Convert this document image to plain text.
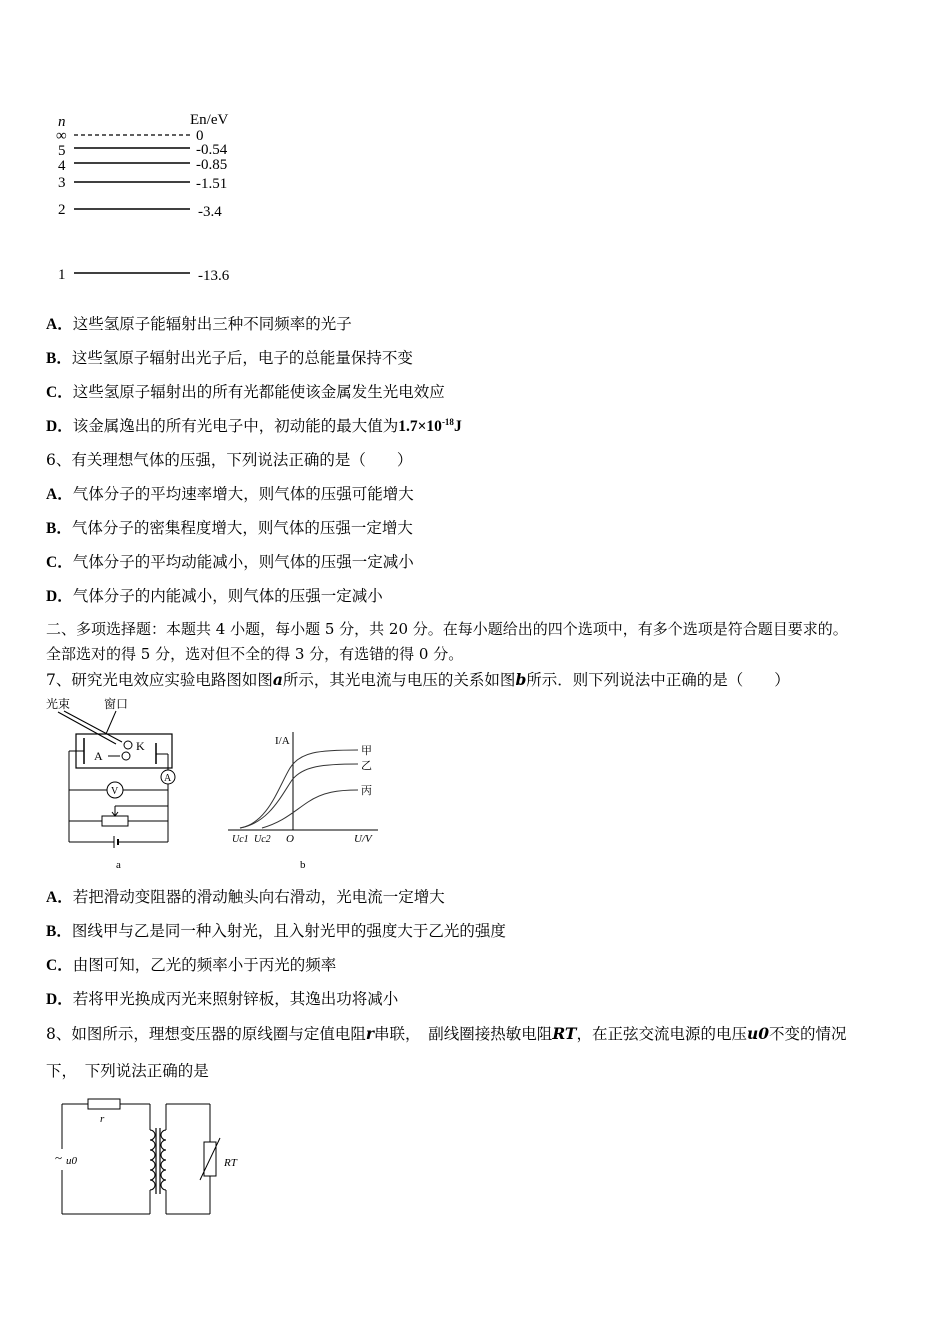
n	En/eV
∞	0
5	-0.54
4	-0.85
3	-1.51
2	-3.4
1	-13.6
A．这些氢原子能辐射出三种不同频率的光子
B．这些氢原子辐射出光子后，电子的总能量保持不变
C．这些氢原子辐射出的所有光都能使该金属发生光电效应
D．该金属逸出的所有光电子中，初动能的最大值为$1.7\times 10^{-18}J$
6、有关理想气体的压强，下列说法正确的是（　　）
A．气体分子的平均速率增大，则气体的压强可能增大
B．气体分子的密集程度增大，则气体的压强一定增大
C．气体分子的平均动能减小，则气体的压强一定减小
D．气体分子的内能减小，则气体的压强一定减小
二、多项选择题：本题共 4 小题，每小题 5 分，共 20 分。在每小题给出的四个选项中，有多个选项是符合题目要求的。
全部选对的得 5 分，选对但不全的得 3 分，有选错的得 0 分。
7、研究光电效应实验电路图如图a所示，其光电流与电压的关系如图b所示．则下列说法中正确的是（　　）
光束	窗口
A
K
A
V
a
I/A
U/V
O
Uc1 Uc2
甲
乙
丙
b
A．若把滑动变阻器的滑动触头向右滑动，光电流一定增大
B．图线甲与乙是同一种入射光，且入射光甲的强度大于乙光的强度
C．由图可知，乙光的频率小于丙光的频率
D．若将甲光换成丙光来照射锌板，其逸出功将减小
8、如图所示，理想变压器的原线圈与定值电阻r串联，　副线圈接热敏电阻RT，在正弦交流电源的电压u0不变的情况
下，　下列说法正确的是
r
~ u0	RT
